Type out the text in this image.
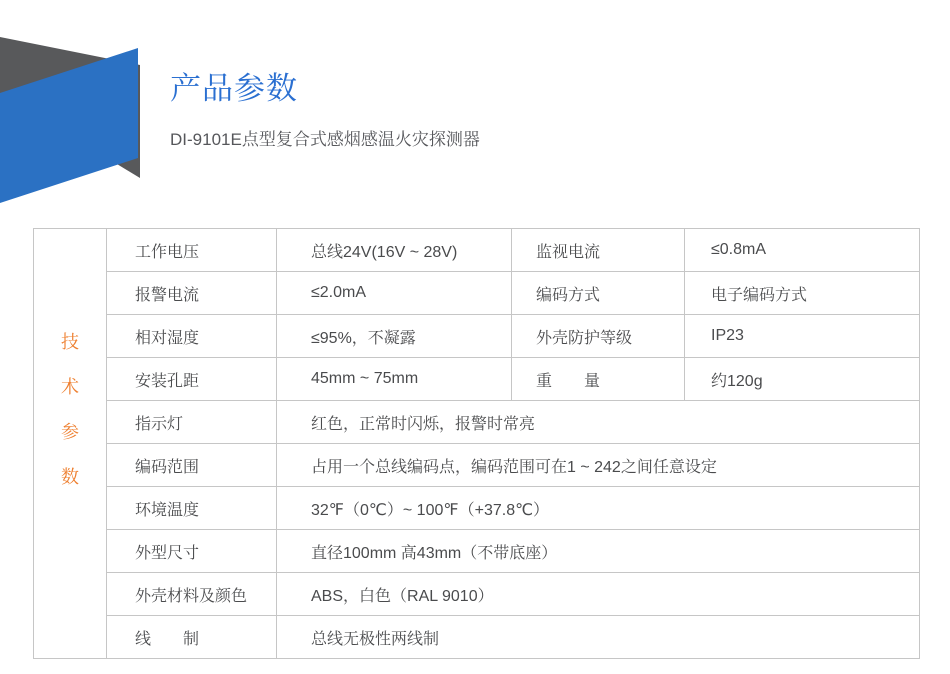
产品参数
DI-9101E点型复合式感烟感温火灾探测器
技
术
参
数	工作电压	总线24V(16V ~ 28V)	监视电流	≤0.8mA
	报警电流	≤2.0mA	编码方式	电子编码方式
	相对湿度	≤95%，不凝露	外壳防护等级	IP23
	安装孔距	45mm ~ 75mm	重　　量	约120g
	指示灯	红色，正常时闪烁，报警时常亮		
	编码范围	占用一个总线编码点，编码范围可在1 ~ 242之间任意设定		
	环境温度	32℉（0℃）~ 100℉（+37.8℃）		
	外型尺寸	直径100mm 高43mm（不带底座）		
	外壳材料及颜色	ABS，白色（RAL 9010）		
	线　　制	总线无极性两线制		
